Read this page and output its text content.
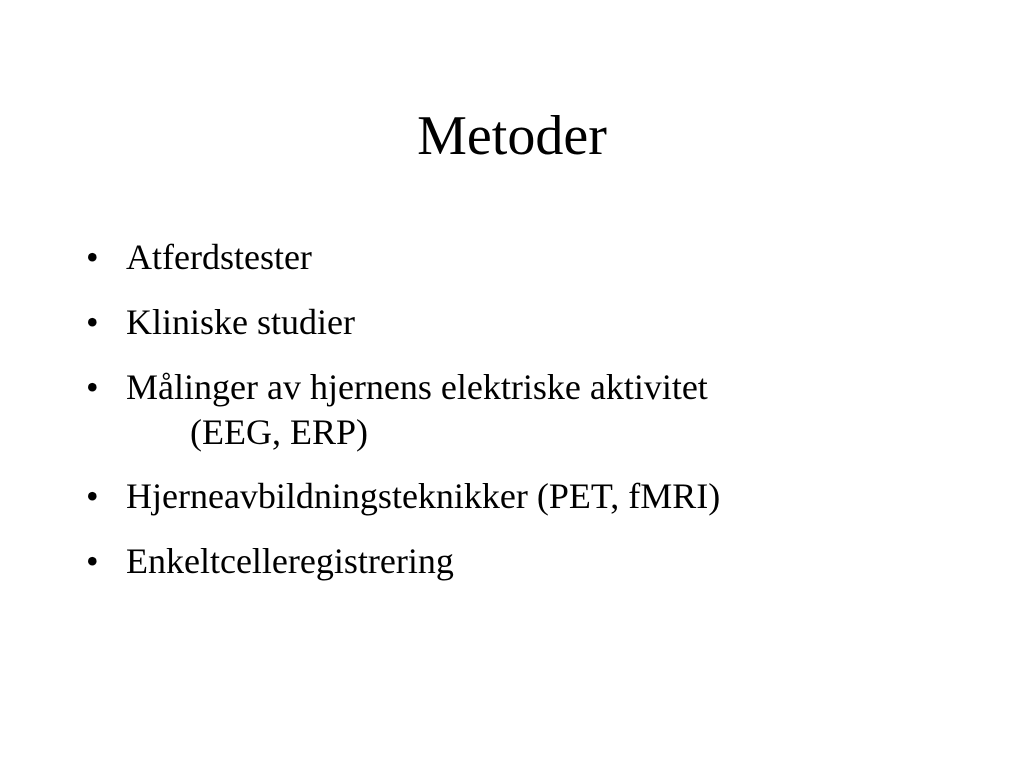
Metoder
• Atferdstester
• Kliniske studier
• Målinger av hjernens elektriske aktivitet
(EEG, ERP)
• Hjerneavbildningsteknikker (PET, fMRI)
• Enkeltcelleregistrering
